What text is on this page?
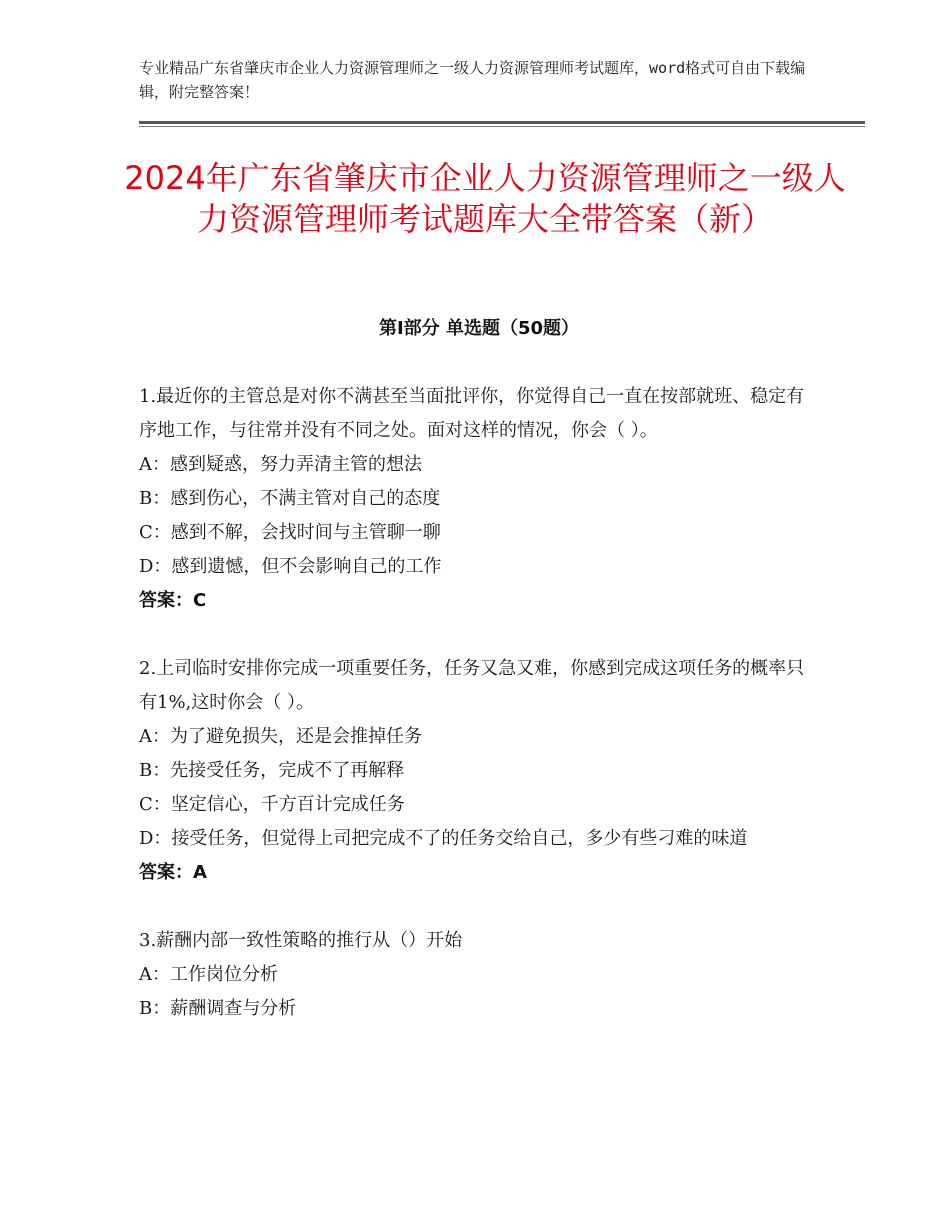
专业精品广东省肇庆市企业人力资源管理师之一级人力资源管理师考试题库，word格式可自由下载编辑，附完整答案！
2024年广东省肇庆市企业人力资源管理师之一级人力资源管理师考试题库大全带答案（新）
第Ⅰ部分 单选题（50题）
1.最近你的主管总是对你不满甚至当面批评你，你觉得自己一直在按部就班、稳定有序地工作，与往常并没有不同之处。面对这样的情况，你会（ ）。
A：感到疑惑，努力弄清主管的想法
B：感到伤心，不满主管对自己的态度
C：感到不解，会找时间与主管聊一聊
D：感到遗憾，但不会影响自己的工作
答案：C
2.上司临时安排你完成一项重要任务，任务又急又难，你感到完成这项任务的概率只有1%,这时你会（ ）。
A：为了避免损失，还是会推掉任务
B：先接受任务，完成不了再解释
C：坚定信心，千方百计完成任务
D：接受任务，但觉得上司把完成不了的任务交给自己，多少有些刁难的味道
答案：A
3.薪酬内部一致性策略的推行从（）开始
A：工作岗位分析
B：薪酬调查与分析
